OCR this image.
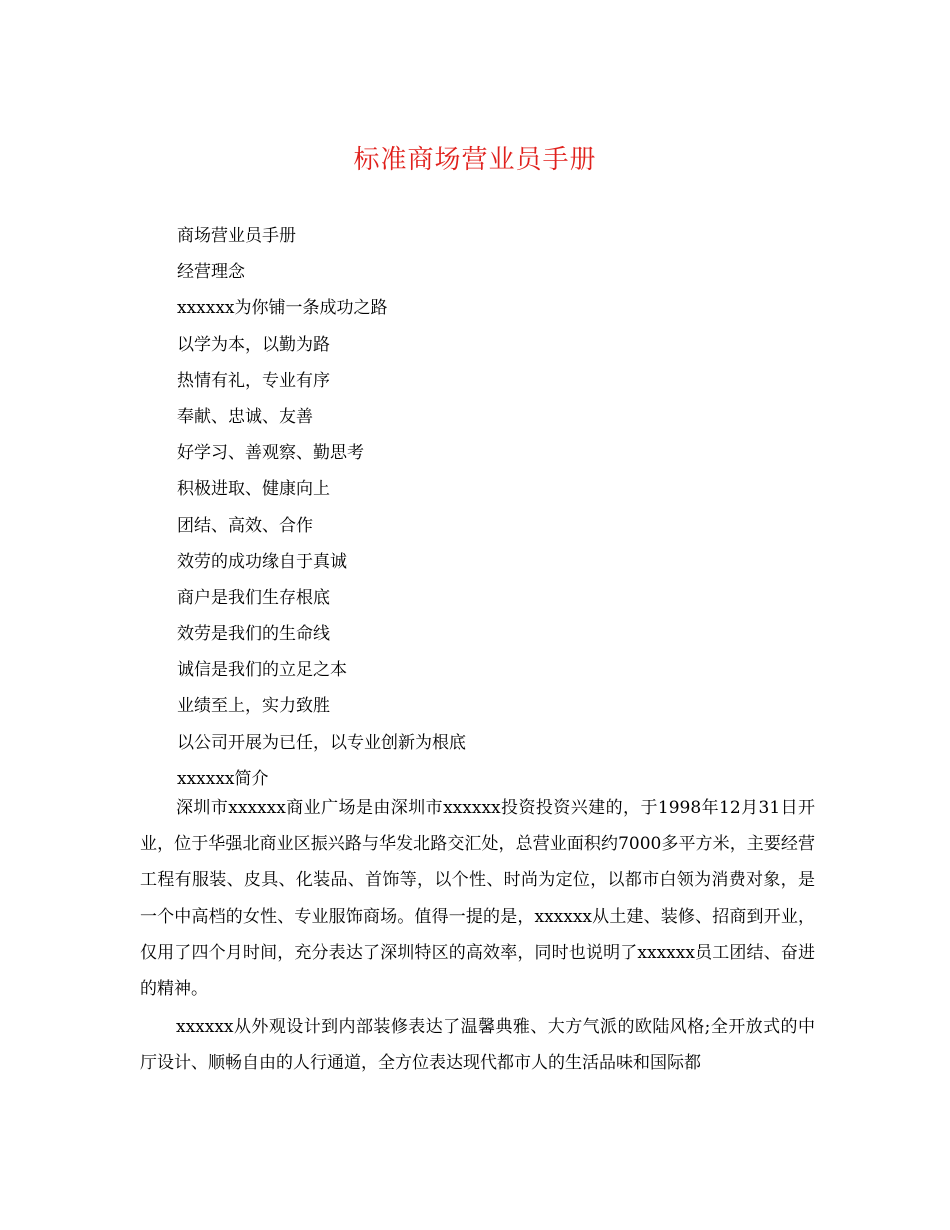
标准商场营业员手册
商场营业员手册
经营理念
xxxxxx为你铺一条成功之路
以学为本，以勤为路
热情有礼，专业有序
奉献、忠诚、友善
好学习、善观察、勤思考
积极进取、健康向上
团结、高效、合作
效劳的成功缘自于真诚
商户是我们生存根底
效劳是我们的生命线
诚信是我们的立足之本
业绩至上，实力致胜
以公司开展为已任，以专业创新为根底
xxxxxx简介

深圳市xxxxxx商业广场是由深圳市xxxxxx投资投资兴建的，于1998年12月31日开业，位于华强北商业区振兴路与华发北路交汇处，总营业面积约7000多平方米，主要经营工程有服装、皮具、化装品、首饰等，以个性、时尚为定位，以都市白领为消费对象，是一个中高档的女性、专业服饰商场。值得一提的是，xxxxxx从土建、装修、招商到开业，仅用了四个月时间，充分表达了深圳特区的高效率，同时也说明了xxxxxx员工团结、奋进的精神。

xxxxxx从外观设计到内部装修表达了温馨典雅、大方气派的欧陆风格;全开放式的中厅设计、顺畅自由的人行通道，全方位表达现代都市人的生活品味和国际都
